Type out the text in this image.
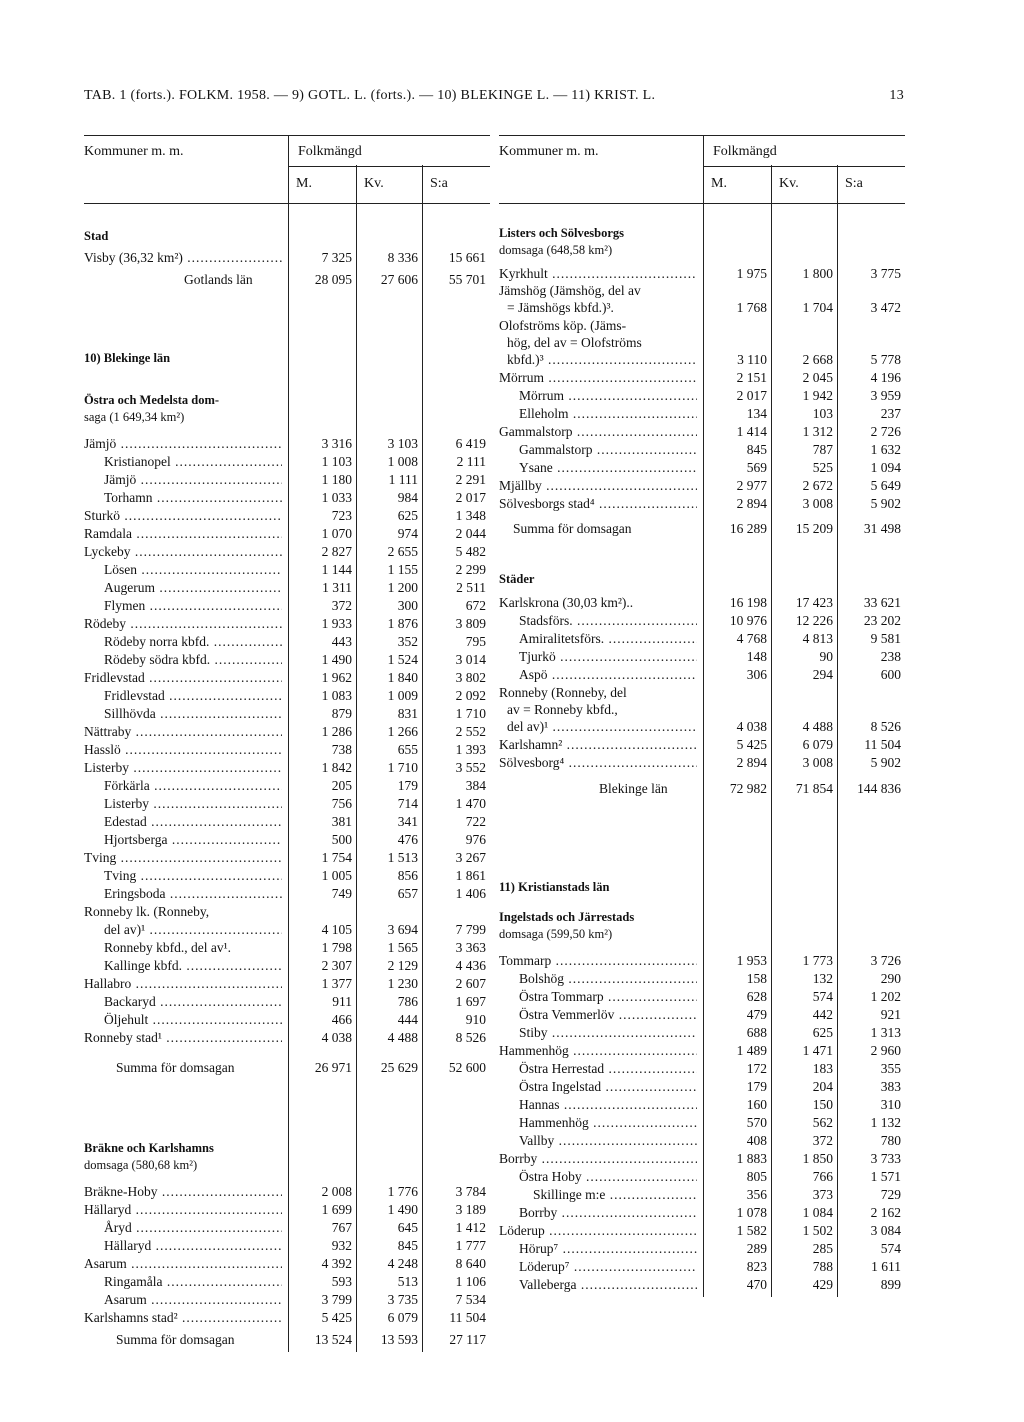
TAB. 1 (forts.). FOLKM. 1958. — 9) GOTL. L. (forts.). — 10) BLEKINGE L. — 11) KRIST. L.	13
Kommuner m. m.	Folkmängd
M.	Kv.	S:a
Stad
Visby (36,32 km²) .....	7 325	8 336	15 661
Gotlands län	28 095	27 606	55 701
10) Blekinge län
Östra och Medelsta dom-
saga (1 649,34 km²)
Jämjö .....	3 316	3 103	6 419
Kristianopel .....	1 103	1 008	2 111
Jämjö .....	1 180	1 111	2 291
Torhamn .....	1 033	984	2 017
Sturkö .....	723	625	1 348
Ramdala .....	1 070	974	2 044
Lyckeby .....	2 827	2 655	5 482
Lösen .....	1 144	1 155	2 299
Augerum .....	1 311	1 200	2 511
Flymen .....	372	300	672
Rödeby .....	1 933	1 876	3 809
Rödeby norra kbfd. .....	443	352	795
Rödeby södra kbfd. .....	1 490	1 524	3 014
Fridlevstad .....	1 962	1 840	3 802
Fridlevstad .....	1 083	1 009	2 092
Sillhövda .....	879	831	1 710
Nättraby .....	1 286	1 266	2 552
Hasslö .....	738	655	1 393
Listerby .....	1 842	1 710	3 552
Förkärla .....	205	179	384
Listerby .....	756	714	1 470
Edestad .....	381	341	722
Hjortsberga .....	500	476	976
Tving .....	1 754	1 513	3 267
Tving .....	1 005	856	1 861
Eringsboda .....	749	657	1 406
Ronneby lk. (Ronneby,
del av)¹ .....	4 105	3 694	7 799
Ronneby kbfd., del av¹.	1 798	1 565	3 363
Kallinge kbfd. .....	2 307	2 129	4 436
Hallabro .....	1 377	1 230	2 607
Backaryd .....	911	786	1 697
Öljehult .....	466	444	910
Ronneby stad¹ .....	4 038	4 488	8 526
Summa för domsagan	26 971	25 629	52 600
Bräkne och Karlshamns
domsaga (580,68 km²)
Bräkne-Hoby .....	2 008	1 776	3 784
Hällaryd .....	1 699	1 490	3 189
Åryd .....	767	645	1 412
Hällaryd .....	932	845	1 777
Asarum .....	4 392	4 248	8 640
Ringamåla .....	593	513	1 106
Asarum .....	3 799	3 735	7 534
Karlshamns stad² .....	5 425	6 079	11 504
Summa för domsagan	13 524	13 593	27 117
Kommuner m. m.	Folkmängd
M.	Kv.	S:a
Listers och Sölvesborgs
domsaga (648,58 km²)
Kyrkhult .....	1 975	1 800	3 775
Jämshög (Jämshög, del av
= Jämshögs kbfd.)³.	1 768	1 704	3 472
Olofströms köp. (Jäms-
hög, del av = Olofströms
kbfd.)³ .....	3 110	2 668	5 778
Mörrum .....	2 151	2 045	4 196
Mörrum .....	2 017	1 942	3 959
Elleholm .....	134	103	237
Gammalstorp .....	1 414	1 312	2 726
Gammalstorp .....	845	787	1 632
Ysane .....	569	525	1 094
Mjällby .....	2 977	2 672	5 649
Sölvesborgs stad⁴ .....	2 894	3 008	5 902
Summa för domsagan	16 289	15 209	31 498
Städer
Karlskrona (30,03 km²)..	16 198	17 423	33 621
Stadsförs. .....	10 976	12 226	23 202
Amiralitetsförs. .....	4 768	4 813	9 581
Tjurkö .....	148	90	238
Aspö .....	306	294	600
Ronneby (Ronneby, del
av = Ronneby kbfd.,
del av)¹ .....	4 038	4 488	8 526
Karlshamn² .....	5 425	6 079	11 504
Sölvesborg⁴ .....	2 894	3 008	5 902
Blekinge län	72 982	71 854	144 836
11) Kristianstads län
Ingelstads och Järrestads
domsaga (599,50 km²)
Tommarp .....	1 953	1 773	3 726
Bolshög .....	158	132	290
Östra Tommarp .....	628	574	1 202
Östra Vemmerlöv .....	479	442	921
Stiby .....	688	625	1 313
Hammenhög .....	1 489	1 471	2 960
Östra Herrestad .....	172	183	355
Östra Ingelstad .....	179	204	383
Hannas .....	160	150	310
Hammenhög .....	570	562	1 132
Vallby .....	408	372	780
Borrby .....	1 883	1 850	3 733
Östra Hoby .....	805	766	1 571
Skillinge m:e .....	356	373	729
Borrby .....	1 078	1 084	2 162
Löderup .....	1 582	1 502	3 084
Hörup⁷ .....	289	285	574
Löderup⁷ .....	823	788	1 611
Valleberga .....	470	429	899
